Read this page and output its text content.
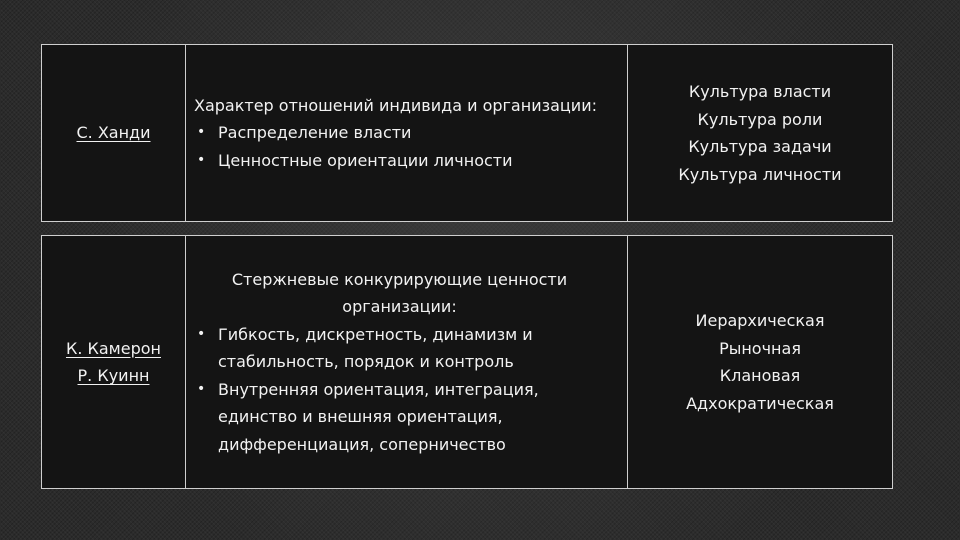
С. Ханди
Характер отношений индивида и организации:
• Распределение власти
• Ценностные ориентации личности
Культура власти
Культура роли
Культура задачи
Культура личности
К. Камерон
Р. Куинн
Стержневые конкурирующие ценности организации:
• Гибкость, дискретность, динамизм и стабильность, порядок и контроль
• Внутренняя ориентация, интеграция, единство и внешняя ориентация, дифференциация, соперничество
Иерархическая
Рыночная
Клановая
Адхократическая
